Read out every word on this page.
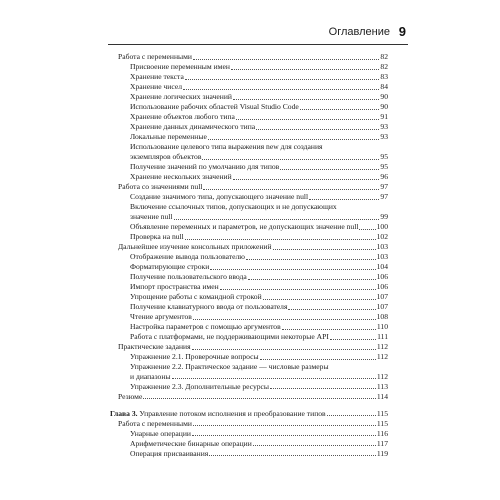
Оглавление 9
Работа с переменными	82
Присвоение переменным имен	82
Хранение текста	83
Хранение чисел	84
Хранение логических значений	90
Использование рабочих областей Visual Studio Code	90
Хранение объектов любого типа	91
Хранение данных динамического типа	93
Локальные переменные	93
Использование целевого типа выражения new для создания
экземпляров объектов	95
Получение значений по умолчанию для типов	95
Хранение нескольких значений	96
Работа со значениями null	97
Создание значимого типа, допускающего значение null	97
Включение ссылочных типов, допускающих и не допускающих
значение null	99
Объявление переменных и параметров, не допускающих значение null 100
Проверка на null	102
Дальнейшее изучение консольных приложений	103
Отображение вывода пользователю	103
Форматирующие строки	104
Получение пользовательского ввода	106
Импорт пространства имен	106
Упрощение работы с командной строкой	107
Получение клавиатурного ввода от пользователя	107
Чтение аргументов	108
Настройка параметров с помощью аргументов	110
Работа с платформами, не поддерживающими некоторые API	111
Практические задания	112
Упражнение 2.1. Проверочные вопросы	112
Упражнение 2.2. Практическое задание — числовые размеры
и диапазоны	112
Упражнение 2.3. Дополнительные ресурсы	113
Резюме	114
Глава 3. Управление потоком исполнения и преобразование типов	115
Работа с переменными	115
Унарные операции	116
Арифметические бинарные операции	117
Операция присваивания	119
